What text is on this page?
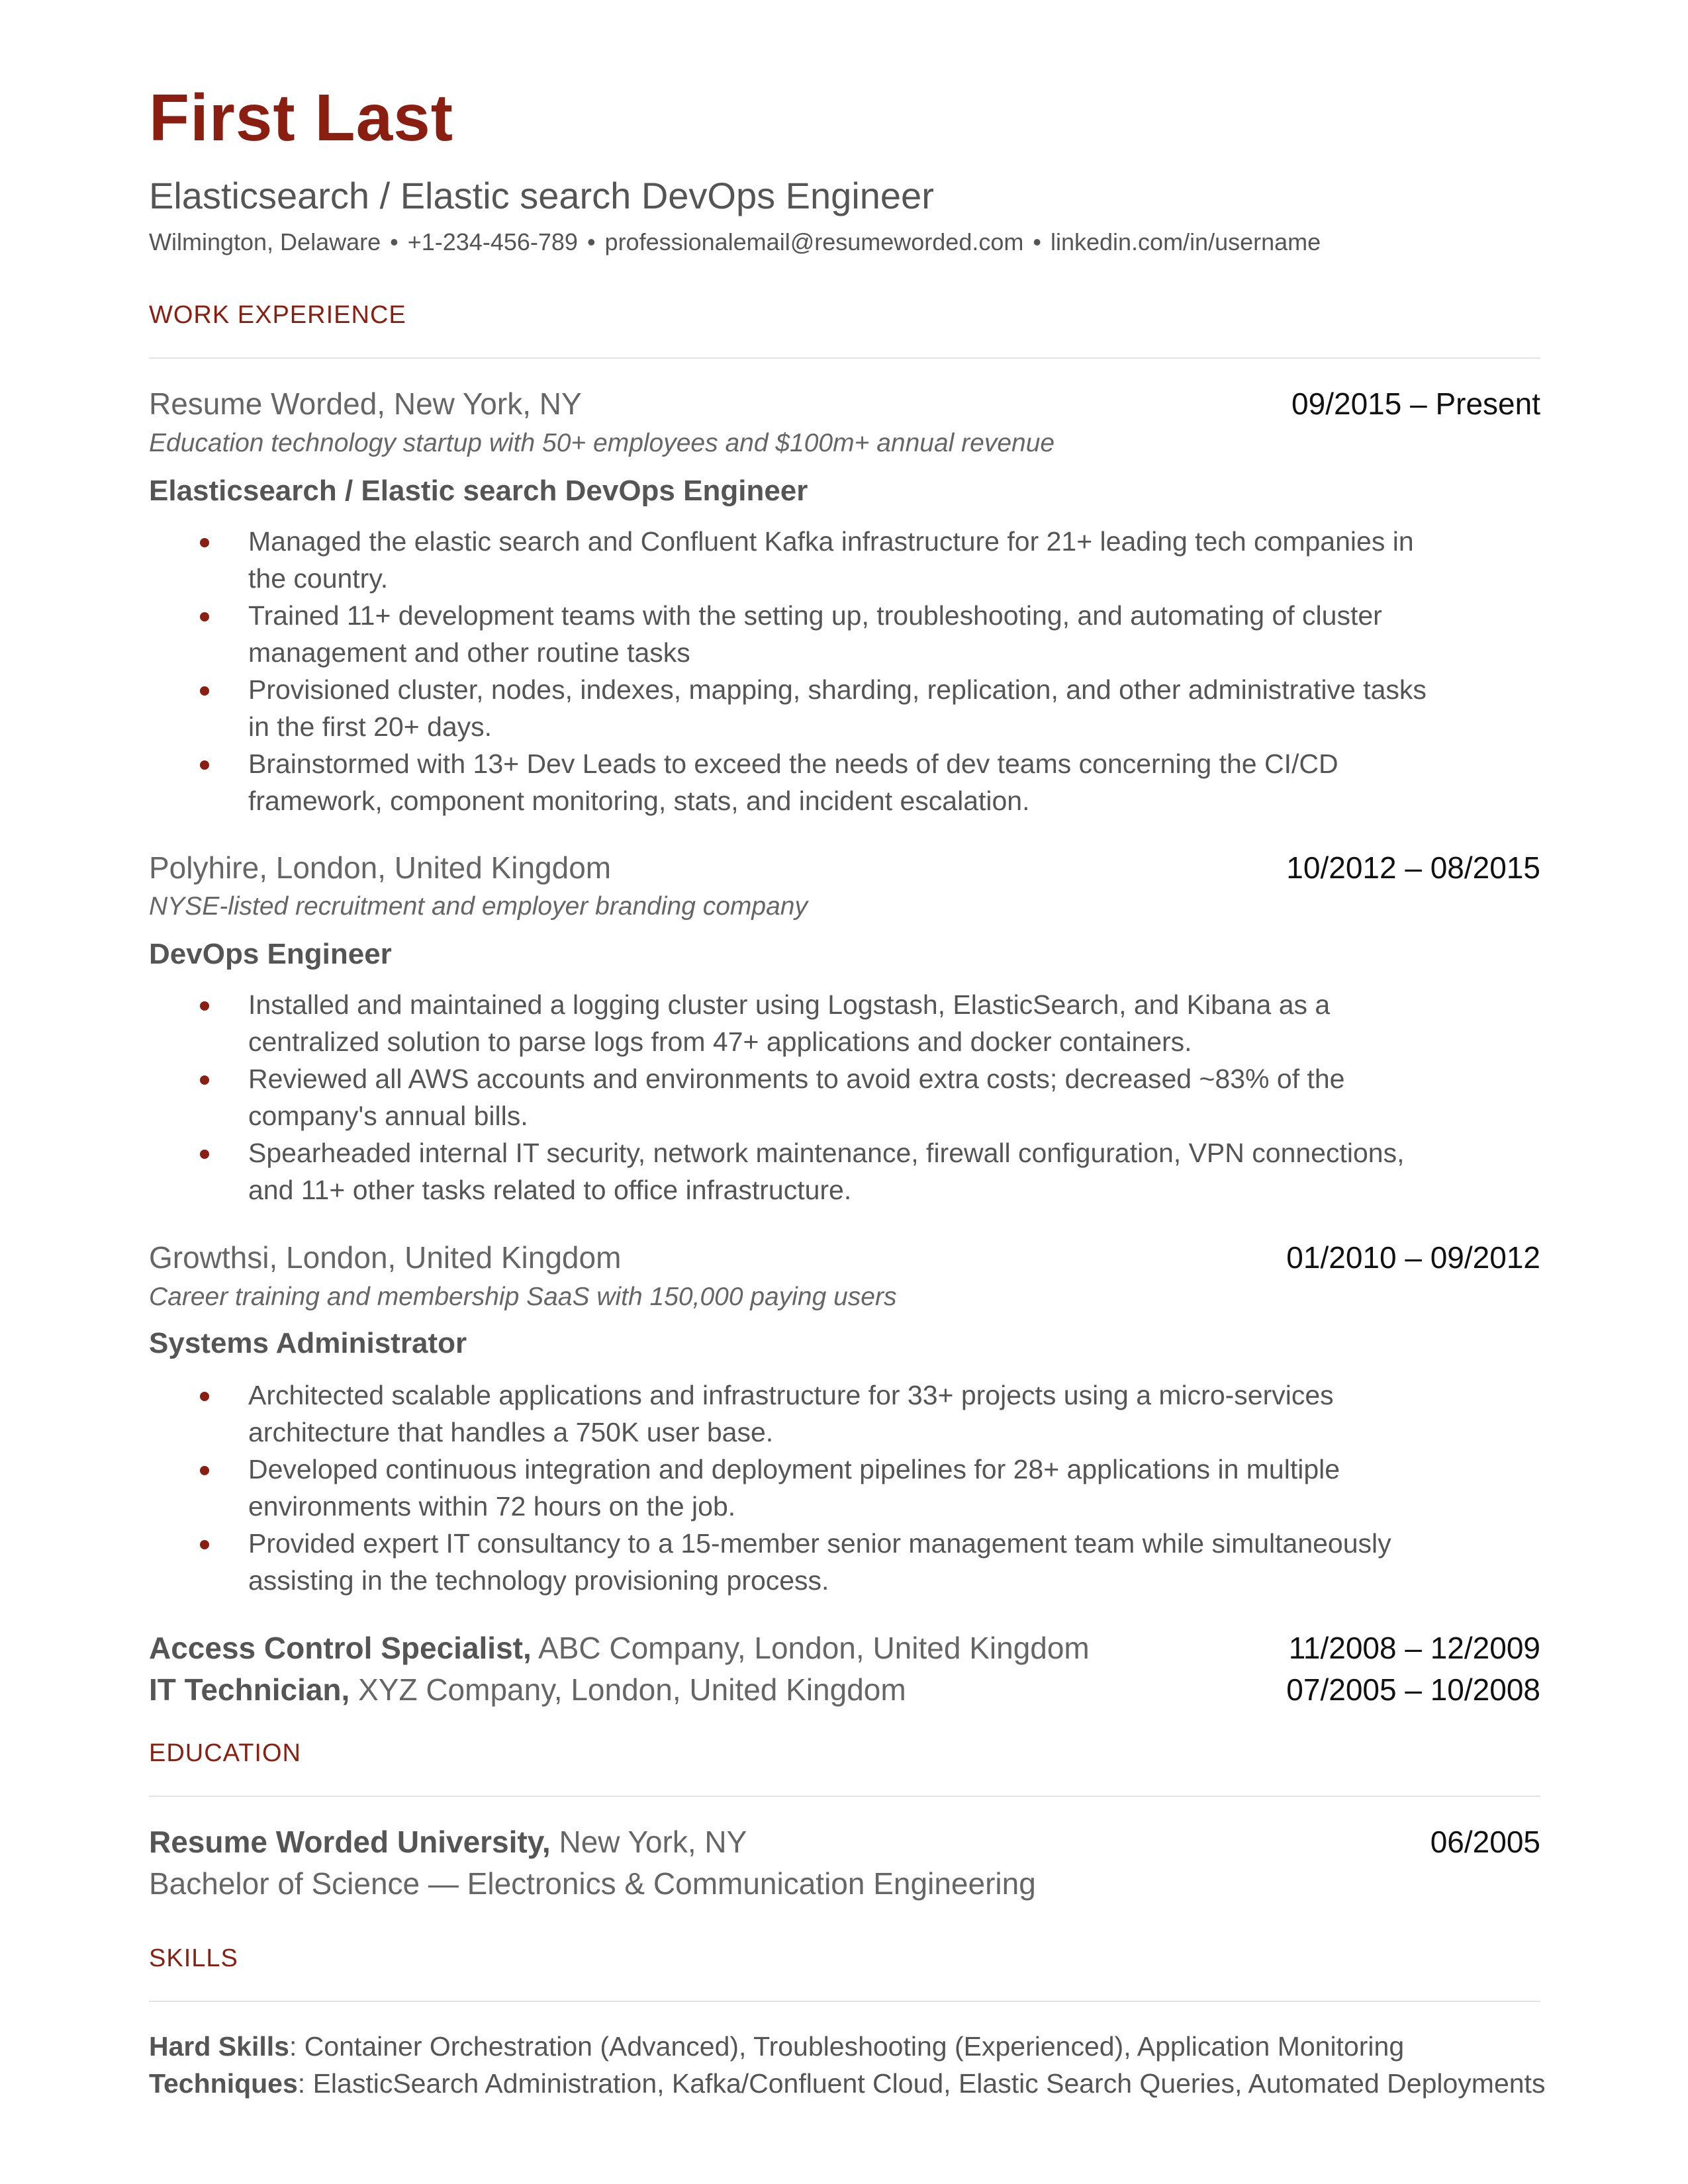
First Last
Elasticsearch / Elastic search DevOps Engineer
Wilmington, Delaware • +1-234-456-789 • professionalemail@resumeworded.com • linkedin.com/in/username
WORK EXPERIENCE
Resume Worded, New York, NY	09/2015 – Present
Education technology startup with 50+ employees and $100m+ annual revenue
Elasticsearch / Elastic search DevOps Engineer
Managed the elastic search and Confluent Kafka infrastructure for 21+ leading tech companies in the country.
Trained 11+ development teams with the setting up, troubleshooting, and automating of cluster management and other routine tasks
Provisioned cluster, nodes, indexes, mapping, sharding, replication, and other administrative tasks in the first 20+ days.
Brainstormed with 13+ Dev Leads to exceed the needs of dev teams concerning the CI/CD framework, component monitoring, stats, and incident escalation.
Polyhire, London, United Kingdom	10/2012 – 08/2015
NYSE-listed recruitment and employer branding company
DevOps Engineer
Installed and maintained a logging cluster using Logstash, ElasticSearch, and Kibana as a centralized solution to parse logs from 47+ applications and docker containers.
Reviewed all AWS accounts and environments to avoid extra costs; decreased ~83% of the company's annual bills.
Spearheaded internal IT security, network maintenance, firewall configuration, VPN connections, and 11+ other tasks related to office infrastructure.
Growthsi, London, United Kingdom	01/2010 – 09/2012
Career training and membership SaaS with 150,000 paying users
Systems Administrator
Architected scalable applications and infrastructure for 33+ projects using a micro-services architecture that handles a 750K user base.
Developed continuous integration and deployment pipelines for 28+ applications in multiple environments within 72 hours on the job.
Provided expert IT consultancy to a 15-member senior management team while simultaneously assisting in the technology provisioning process.
Access Control Specialist, ABC Company, London, United Kingdom	11/2008 – 12/2009
IT Technician, XYZ Company, London, United Kingdom	07/2005 – 10/2008
EDUCATION
Resume Worded University, New York, NY	06/2005
Bachelor of Science — Electronics & Communication Engineering
SKILLS
Hard Skills: Container Orchestration (Advanced), Troubleshooting (Experienced), Application Monitoring
Techniques: ElasticSearch Administration, Kafka/Confluent Cloud, Elastic Search Queries, Automated Deployments
